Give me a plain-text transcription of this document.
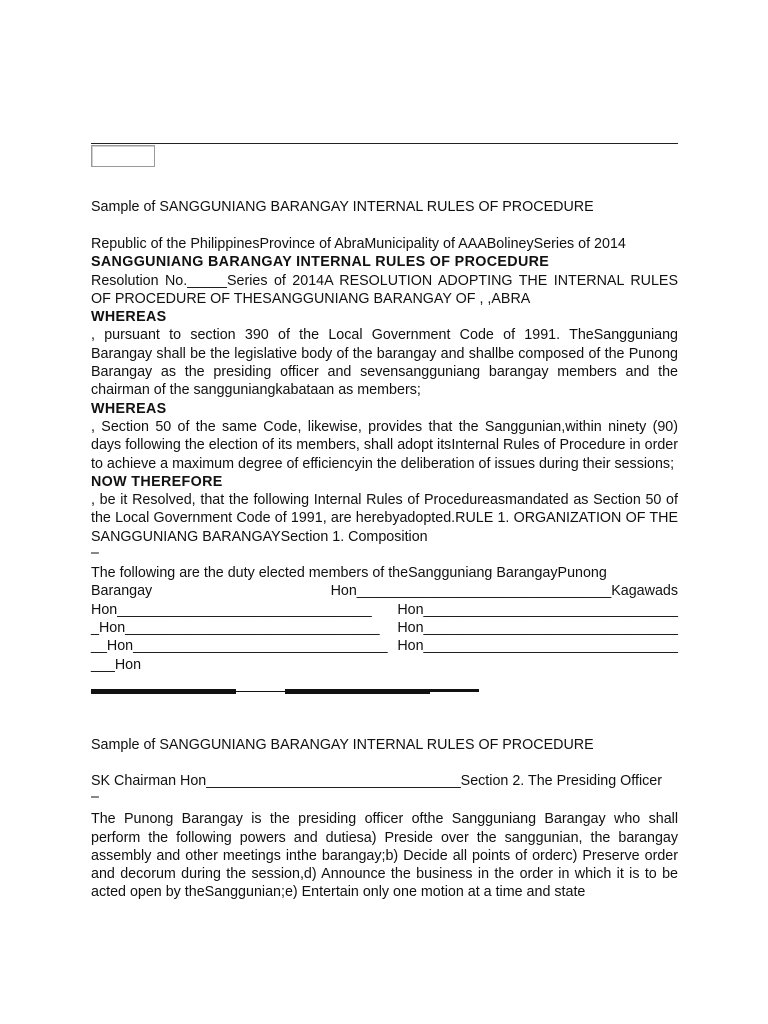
Sample of SANGGUNIANG BARANGAY INTERNAL RULES OF PROCEDURE

Republic of the PhilippinesProvince of AbraMunicipality of AAABolineySeries of 2014

SANGGUNIANG BARANGAY INTERNAL RULES OF PROCEDURE

Resolution No._____Series of 2014A RESOLUTION ADOPTING THE INTERNAL RULES OF PROCEDURE OF THESANGGUNIANG BARANGAY OF , ,ABRA

WHEREAS

, pursuant to section 390 of the Local Government Code of 1991. TheSangguniang Barangay shall be the legislative body of the barangay and shallbe composed of the Punong Barangay as the presiding officer and sevensangguniang barangay members and the chairman of the sangguniangkabataan as members;

WHEREAS

, Section 50 of the same Code, likewise, provides that the Sanggunian,within ninety (90) days following the election of its members, shall adopt itsInternal Rules of Procedure in order to achieve a maximum degree of efficiencyin the deliberation of issues during their sessions;

NOW THEREFORE

, be it Resolved, that the following Internal Rules of Procedureasmandated as Section 50 of the Local Government Code of 1991, are herebyadopted.RULE 1. ORGANIZATION OF THE SANGGUNIANG BARANGAYSection 1. Composition

–

The following are the duty elected members of theSangguniang BarangayPunong

Barangay	Hon________________________________Kagawads
Hon________________________________ Hon________________________________
_Hon________________________________ Hon________________________________
__Hon________________________________ Hon________________________________
___Hon

Sample of SANGGUNIANG BARANGAY INTERNAL RULES OF PROCEDURE

SK Chairman Hon________________________________Section 2. The Presiding Officer

–

The Punong Barangay is the presiding officer ofthe Sangguniang Barangay who shall perform the following powers and dutiesa) Preside over the sanggunian, the barangay assembly and other meetings inthe barangay;b) Decide all points of orderc) Preserve order and decorum during the session,d) Announce the business in the order in which it is to be acted open by theSanggunian;e) Entertain only one motion at a time and state
